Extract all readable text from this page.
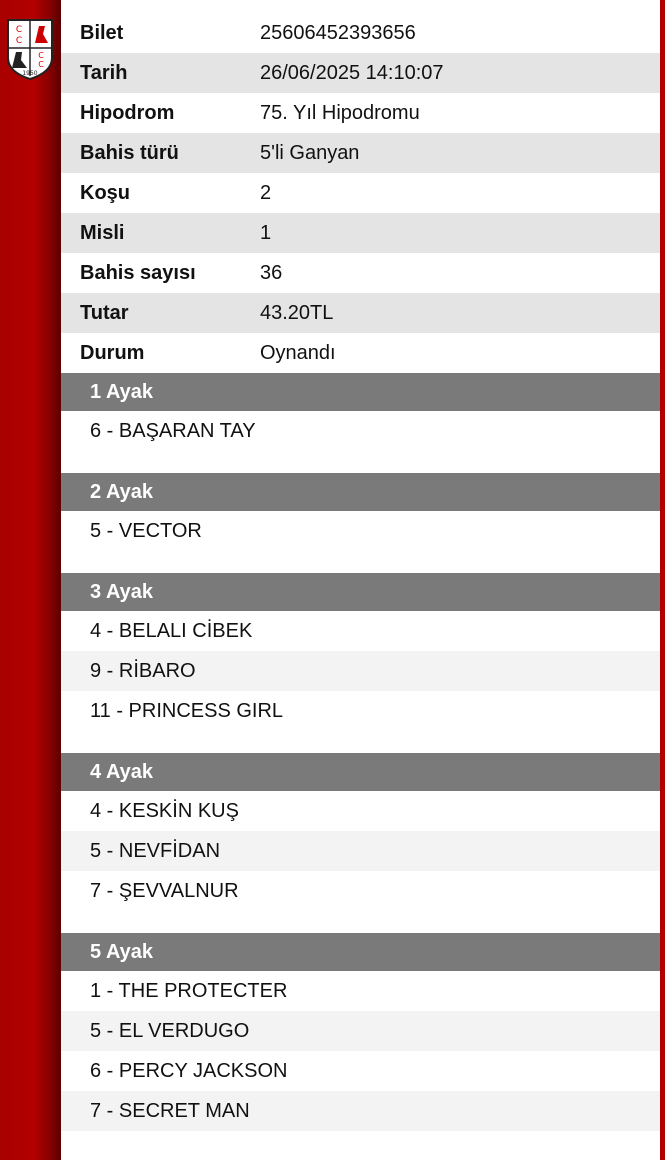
C
C
C
C
1950
Bilet	25606452393656
Tarih	26/06/2025 14:10:07
Hipodrom	75. Yıl Hipodromu
Bahis türü	5'li Ganyan
Koşu	2
Misli	1
Bahis sayısı	36
Tutar	43.20TL
Durum	Oynandı
1 Ayak
6 - BAŞARAN TAY
2 Ayak
5 - VECTOR
3 Ayak
4 - BELALI CİBEK
9 - RİBARO
11 - PRINCESS GIRL
4 Ayak
4 - KESKİN KUŞ
5 - NEVFİDAN
7 - ŞEVVALNUR
5 Ayak
1 - THE PROTECTER
5 - EL VERDUGO
6 - PERCY JACKSON
7 - SECRET MAN
